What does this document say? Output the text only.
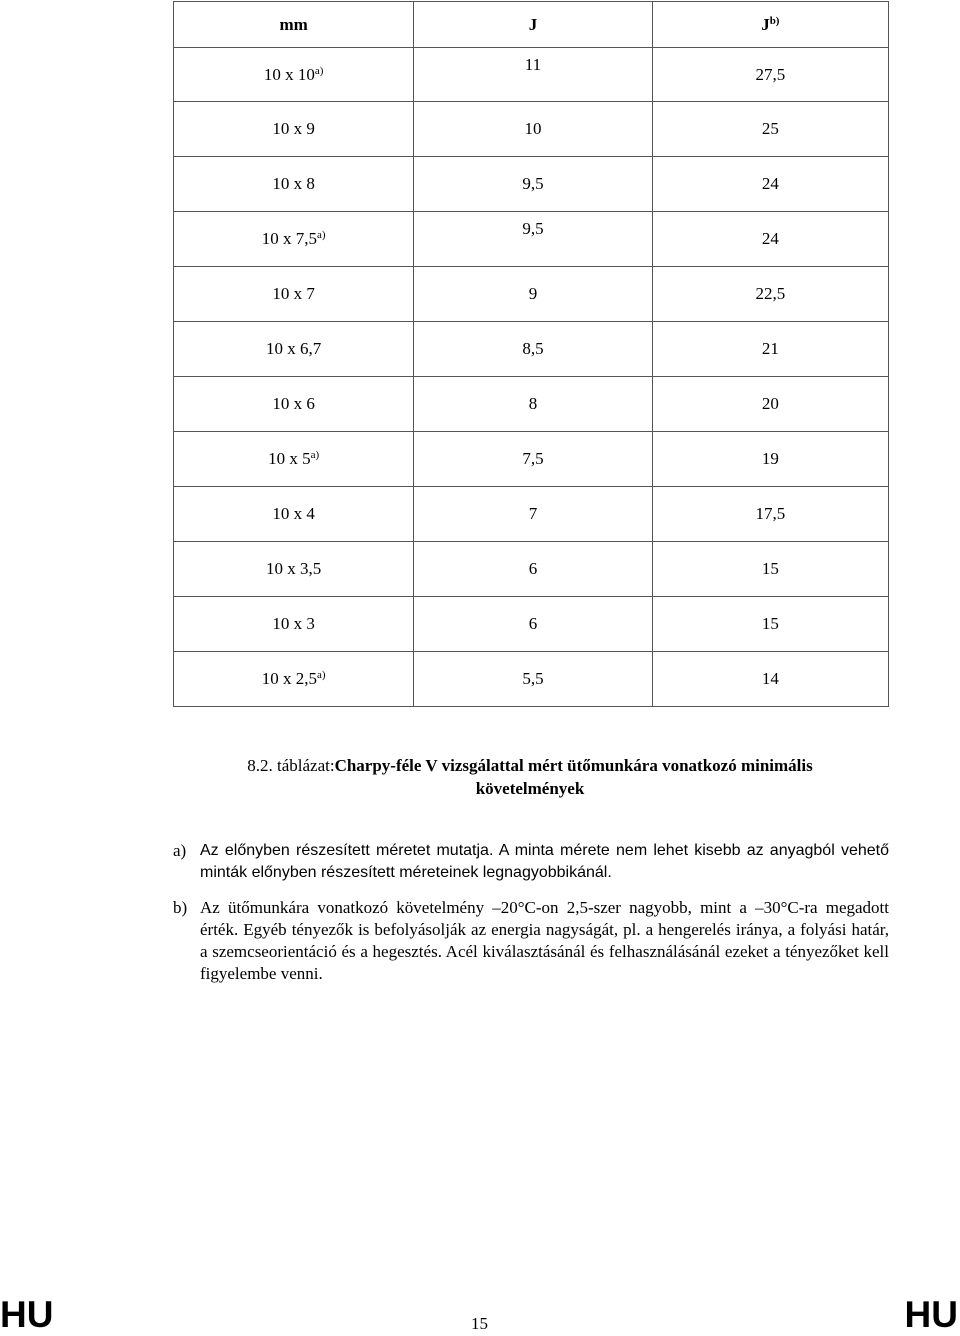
mm	J	$J^{b)}$
10 x 10$^{a)}$	11	27,5
10 x 9	10	25
10 x 8	9,5	24
10 x 7,5$^{a)}$	9,5	24
10 x 7	9	22,5
10 x 6,7	8,5	21
10 x 6	8	20
10 x 5$^{a)}$	7,5	19
10 x 4	7	17,5
10 x 3,5	6	15
10 x 3	6	15
10 x 2,5$^{a)}$	5,5	14
8.2. táblázat:Charpy-féle V vizsgálattal mért ütőmunkára vonatkozó minimális követelmények
a) Az előnyben részesített méretet mutatja. A minta mérete nem lehet kisebb az anyagból vehető minták előnyben részesített méreteinek legnagyobbikánál.
b) Az ütőmunkára vonatkozó követelmény –20°C-on 2,5-szer nagyobb, mint a –30°C-ra megadott érték. Egyéb tényezők is befolyásolják az energia nagyságát, pl. a hengerelés iránya, a folyási határ, a szemcseorientáció és a hegesztés. Acél kiválasztásánál és felhasználásánál ezeket a tényezőket kell figyelembe venni.
HU	15	HU
